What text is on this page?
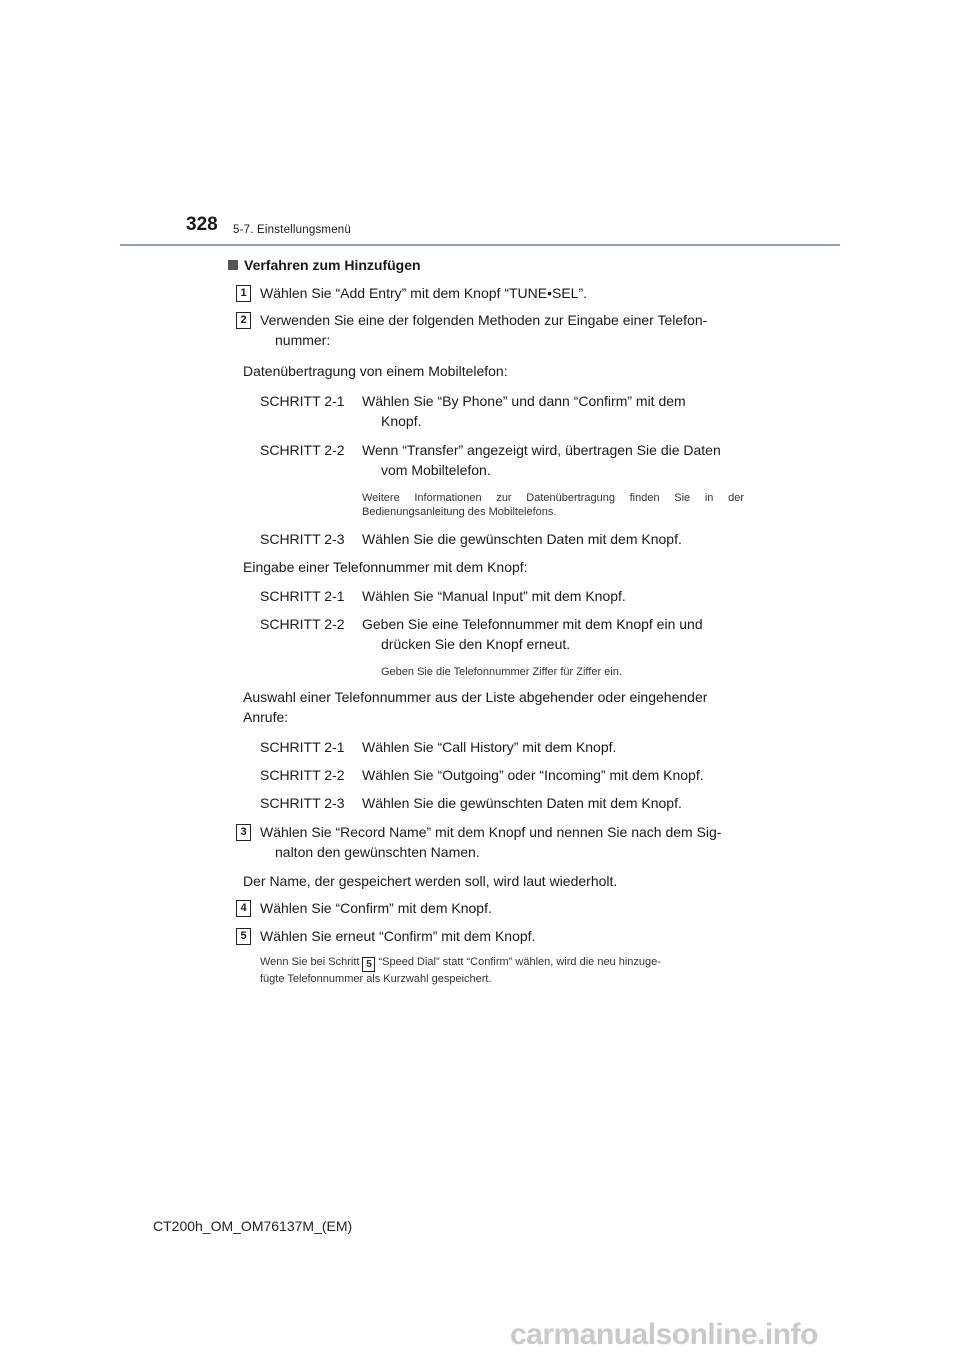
328 5-7. Einstellungsmenü
Verfahren zum Hinzufügen
1 Wählen Sie “Add Entry” mit dem Knopf “TUNE•SEL”.
2 Verwenden Sie eine der folgenden Methoden zur Eingabe einer Telefon-
nummer:
Datenübertragung von einem Mobiltelefon:
SCHRITT 2-1 Wählen Sie “By Phone” und dann “Confirm” mit dem
Knopf.
SCHRITT 2-2 Wenn “Transfer” angezeigt wird, übertragen Sie die Daten
vom Mobiltelefon.
Weitere Informationen zur Datenübertragung finden Sie in der Bedienungsanleitung des Mobiltelefons.
SCHRITT 2-3 Wählen Sie die gewünschten Daten mit dem Knopf.
Eingabe einer Telefonnummer mit dem Knopf:
SCHRITT 2-1 Wählen Sie “Manual Input” mit dem Knopf.
SCHRITT 2-2 Geben Sie eine Telefonnummer mit dem Knopf ein und
drücken Sie den Knopf erneut.
Geben Sie die Telefonnummer Ziffer für Ziffer ein.
Auswahl einer Telefonnummer aus der Liste abgehender oder eingehender
Anrufe:
SCHRITT 2-1 Wählen Sie “Call History” mit dem Knopf.
SCHRITT 2-2 Wählen Sie “Outgoing” oder “Incoming” mit dem Knopf.
SCHRITT 2-3 Wählen Sie die gewünschten Daten mit dem Knopf.
3 Wählen Sie “Record Name” mit dem Knopf und nennen Sie nach dem Sig-
nalton den gewünschten Namen.
Der Name, der gespeichert werden soll, wird laut wiederholt.
4 Wählen Sie “Confirm” mit dem Knopf.
5 Wählen Sie erneut “Confirm” mit dem Knopf.
Wenn Sie bei Schritt 5 “Speed Dial” statt “Confirm” wählen, wird die neu hinzuge-
fügte Telefonnummer als Kurzwahl gespeichert.
CT200h_OM_OM76137M_(EM)
carmanualsonline.info
